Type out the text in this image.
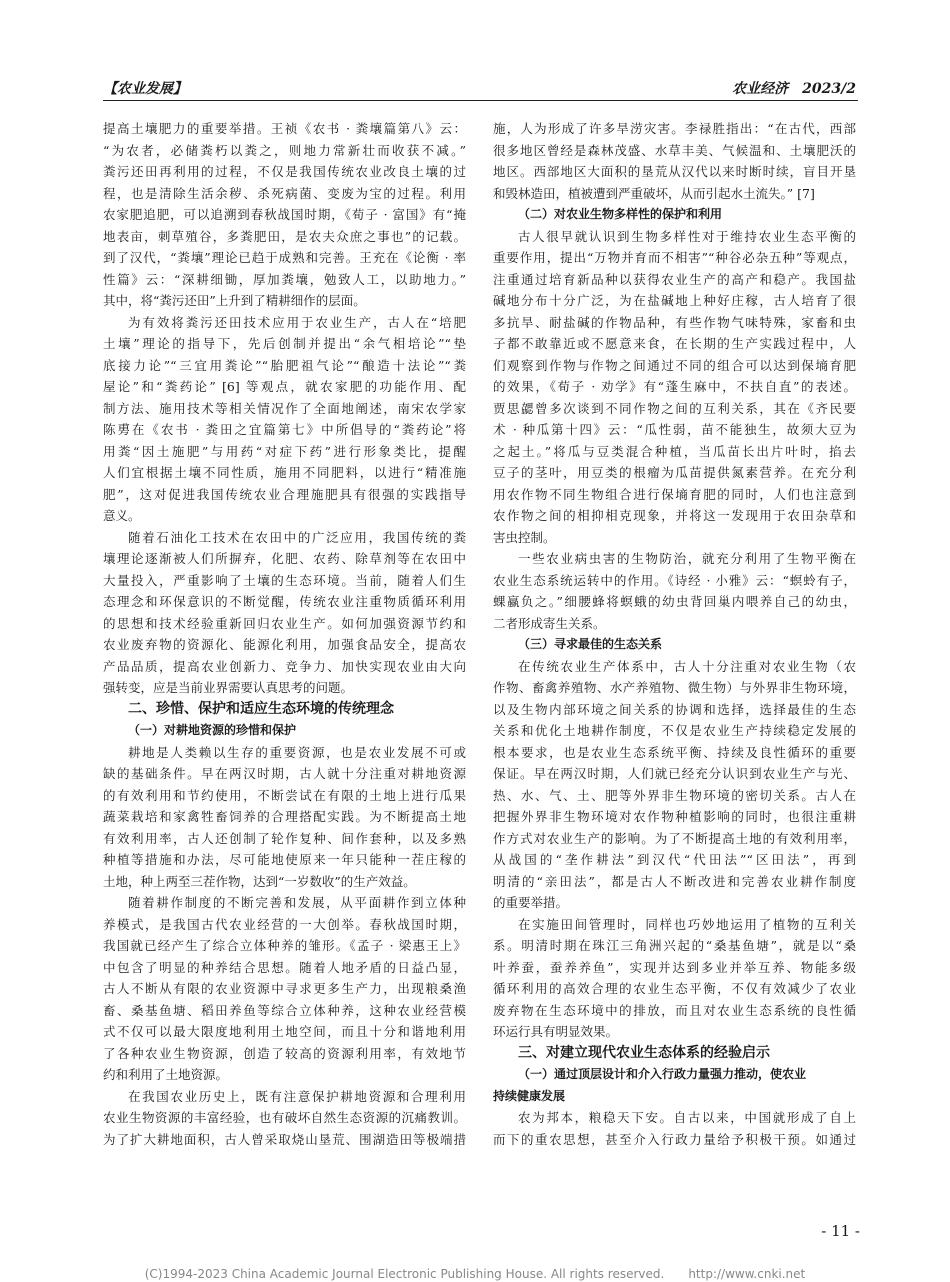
【农业发展】	农业经济　2023/2
提高土壤肥力的重要举措。王祯《农书 · 粪壤篇第八》云：
“为农者，必储粪朽以粪之，则地力常新壮而收获不减。”
粪污还田再利用的过程，不仅是我国传统农业改良土壤的过
程，也是清除生活余秽、杀死病菌、变废为宝的过程。利用
农家肥追肥，可以追溯到春秋战国时期，《荀子 · 富国》有“掩
地表亩，刺草殖谷，多粪肥田，是农夫众庶之事也”的记载。
到了汉代，“粪壤”理论已趋于成熟和完善。王充在《论衡 · 率
性篇》云：“深耕细锄，厚加粪壤，勉致人工，以助地力。”
其中，将“粪污还田”上升到了精耕细作的层面。
为有效将粪污还田技术应用于农业生产，古人在“培肥
土壤”理论的指导下，先后创制并提出“余气相培论”“垫
底接力论”“三宜用粪论”“胎肥祖气论”“酿造十法论”“粪
屋论”和“粪药论” [6] 等观点，就农家肥的功能作用、配
制方法、施用技术等相关情况作了全面地阐述，南宋农学家
陈旉在《农书 · 粪田之宜篇第七》中所倡导的“粪药论”将
用粪“因土施肥”与用药“对症下药”进行形象类比，提醒
人们宜根据土壤不同性质，施用不同肥料，以进行“精准施
肥”，这对促进我国传统农业合理施肥具有很强的实践指导
意义。
随着石油化工技术在农田中的广泛应用，我国传统的粪
壤理论逐渐被人们所摒弃，化肥、农药、除草剂等在农田中
大量投入，严重影响了土壤的生态环境。当前，随着人们生
态理念和环保意识的不断觉醒，传统农业注重物质循环利用
的思想和技术经验重新回归农业生产。如何加强资源节约和
农业废弃物的资源化、能源化利用，加强食品安全，提高农
产品品质，提高农业创新力、竞争力、加快实现农业由大向
强转变，应是当前业界需要认真思考的问题。
二、珍惜、保护和适应生态环境的传统理念
（一）对耕地资源的珍惜和保护
耕地是人类赖以生存的重要资源，也是农业发展不可或
缺的基础条件。早在两汉时期，古人就十分注重对耕地资源
的有效利用和节约使用，不断尝试在有限的土地上进行瓜果
蔬菜栽培和家禽牲畜饲养的合理搭配实践。为不断提高土地
有效利用率，古人还创制了轮作复种、间作套种，以及多熟
种植等措施和办法，尽可能地使原来一年只能种一茬庄稼的
土地，种上两至三茬作物，达到“一岁数收”的生产效益。
随着耕作制度的不断完善和发展，从平面耕作到立体种
养模式，是我国古代农业经营的一大创举。春秋战国时期，
我国就已经产生了综合立体种养的雏形。《孟子 · 梁惠王上》
中包含了明显的种养结合思想。随着人地矛盾的日益凸显，
古人不断从有限的农业资源中寻求更多生产力，出现粮桑渔
畜、桑基鱼塘、稻田养鱼等综合立体种养，这种农业经营模
式不仅可以最大限度地利用土地空间，而且十分和谐地利用
了各种农业生物资源，创造了较高的资源利用率，有效地节
约和利用了土地资源。
在我国农业历史上，既有注意保护耕地资源和合理利用
农业生物资源的丰富经验，也有破坏自然生态资源的沉痛教训。
为了扩大耕地面积，古人曾采取烧山垦荒、围湖造田等极端措
施，人为形成了许多旱涝灾害。李禄胜指出：“在古代，西部
很多地区曾经是森林茂盛、水草丰美、气候温和、土壤肥沃的
地区。西部地区大面积的垦荒从汉代以来时断时续，盲目开垦
和毁林造田，植被遭到严重破坏，从而引起水土流失。” [7]
（二）对农业生物多样性的保护和利用
古人很早就认识到生物多样性对于维持农业生态平衡的
重要作用，提出“万物并育而不相害”“种谷必杂五种”等观点，
注重通过培育新品种以获得农业生产的高产和稳产。我国盐
碱地分布十分广泛，为在盐碱地上种好庄稼，古人培育了很
多抗旱、耐盐碱的作物品种，有些作物气味特殊，家畜和虫
子都不敢靠近或不愿意来食，在长期的生产实践过程中，人
们观察到作物与作物之间通过不同的组合可以达到保墒育肥
的效果，《荀子 · 劝学》有“蓬生麻中，不扶自直”的表述。
贾思勰曾多次谈到不同作物之间的互利关系，其在《齐民要
术 · 种瓜第十四》云：“瓜性弱，苗不能独生，故须大豆为
之起土。”将瓜与豆类混合种植，当瓜苗长出片叶时，掐去
豆子的茎叶，用豆类的根瘤为瓜苗提供氮素营养。在充分利
用农作物不同生物组合进行保墒育肥的同时，人们也注意到
农作物之间的相抑相克现象，并将这一发现用于农田杂草和
害虫控制。
一些农业病虫害的生物防治，就充分利用了生物平衡在
农业生态系统运转中的作用。《诗经 · 小雅》云：“螟蛉有子，
蜾蠃负之。”细腰蜂将螟蛾的幼虫背回巢内喂养自己的幼虫，
二者形成寄生关系。
（三）寻求最佳的生态关系
在传统农业生产体系中，古人十分注重对农业生物（农
作物、畜禽养殖物、水产养殖物、微生物）与外界非生物环境，
以及生物内部环境之间关系的协调和选择，选择最佳的生态
关系和优化土地耕作制度，不仅是农业生产持续稳定发展的
根本要求，也是农业生态系统平衡、持续及良性循环的重要
保证。早在两汉时期，人们就已经充分认识到农业生产与光、
热、水、气、土、肥等外界非生物环境的密切关系。古人在
把握外界非生物环境对农作物种植影响的同时，也很注重耕
作方式对农业生产的影响。为了不断提高土地的有效利用率，
从战国的“垄作耕法”到汉代“代田法”“区田法”，再到
明清的“亲田法”，都是古人不断改进和完善农业耕作制度
的重要举措。
在实施田间管理时，同样也巧妙地运用了植物的互利关
系。明清时期在珠江三角洲兴起的“桑基鱼塘”，就是以“桑
叶养蚕，蚕养养鱼”，实现并达到多业并举互养、物能多级
循环利用的高效合理的农业生态平衡，不仅有效减少了农业
废弃物在生态环境中的排放，而且对农业生态系统的良性循
环运行具有明显效果。
三、对建立现代农业生态体系的经验启示
（一）通过顶层设计和介入行政力量强力推动，使农业
持续健康发展
农为邦本，粮稳天下安。自古以来，中国就形成了自上
而下的重农思想，甚至介入行政力量给予积极干预。如通过
- 11 -
(C)1994-2023 China Academic Journal Electronic Publishing House. All rights reserved.　　http://www.cnki.net
